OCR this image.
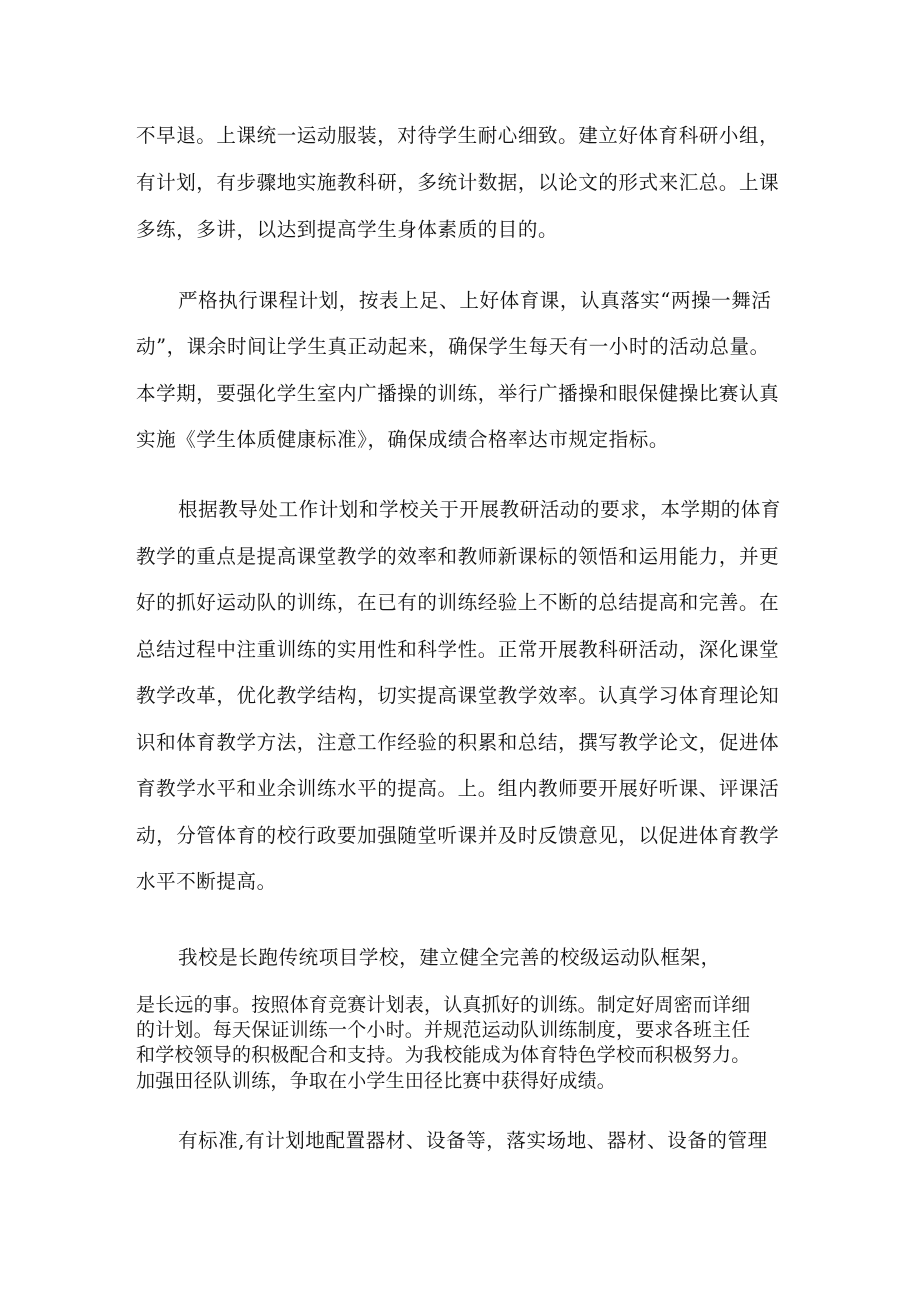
不早退。上课统一运动服装，对待学生耐心细致。建立好体育科研小组，

有计划，有步骤地实施教科研，多统计数据，以论文的形式来汇总。上课

多练，多讲，以达到提高学生身体素质的目的。

严格执行课程计划，按表上足、上好体育课，认真落实“两操一舞活

动”，课余时间让学生真正动起来，确保学生每天有一小时的活动总量。

本学期，要强化学生室内广播操的训练，举行广播操和眼保健操比赛认真

实施《学生体质健康标准》，确保成绩合格率达市规定指标。

根据教导处工作计划和学校关于开展教研活动的要求，本学期的体育

教学的重点是提高课堂教学的效率和教师新课标的领悟和运用能力，并更

好的抓好运动队的训练，在已有的训练经验上不断的总结提高和完善。在

总结过程中注重训练的实用性和科学性。正常开展教科研活动，深化课堂

教学改革，优化教学结构，切实提高课堂教学效率。认真学习体育理论知

识和体育教学方法，注意工作经验的积累和总结，撰写教学论文，促进体

育教学水平和业余训练水平的提高。上。组内教师要开展好听课、评课活

动，分管体育的校行政要加强随堂听课并及时反馈意见，以促进体育教学

水平不断提高。

我校是长跑传统项目学校，建立健全完善的校级运动队框架，

是长远的事。按照体育竞赛计划表，认真抓好的训练。制定好周密而详细

的计划。每天保证训练一个小时。并规范运动队训练制度，要求各班主任

和学校领导的积极配合和支持。为我校能成为体育特色学校而积极努力。

加强田径队训练，争取在小学生田径比赛中获得好成绩。

有标准,有计划地配置器材、设备等，落实场地、器材、设备的管理
